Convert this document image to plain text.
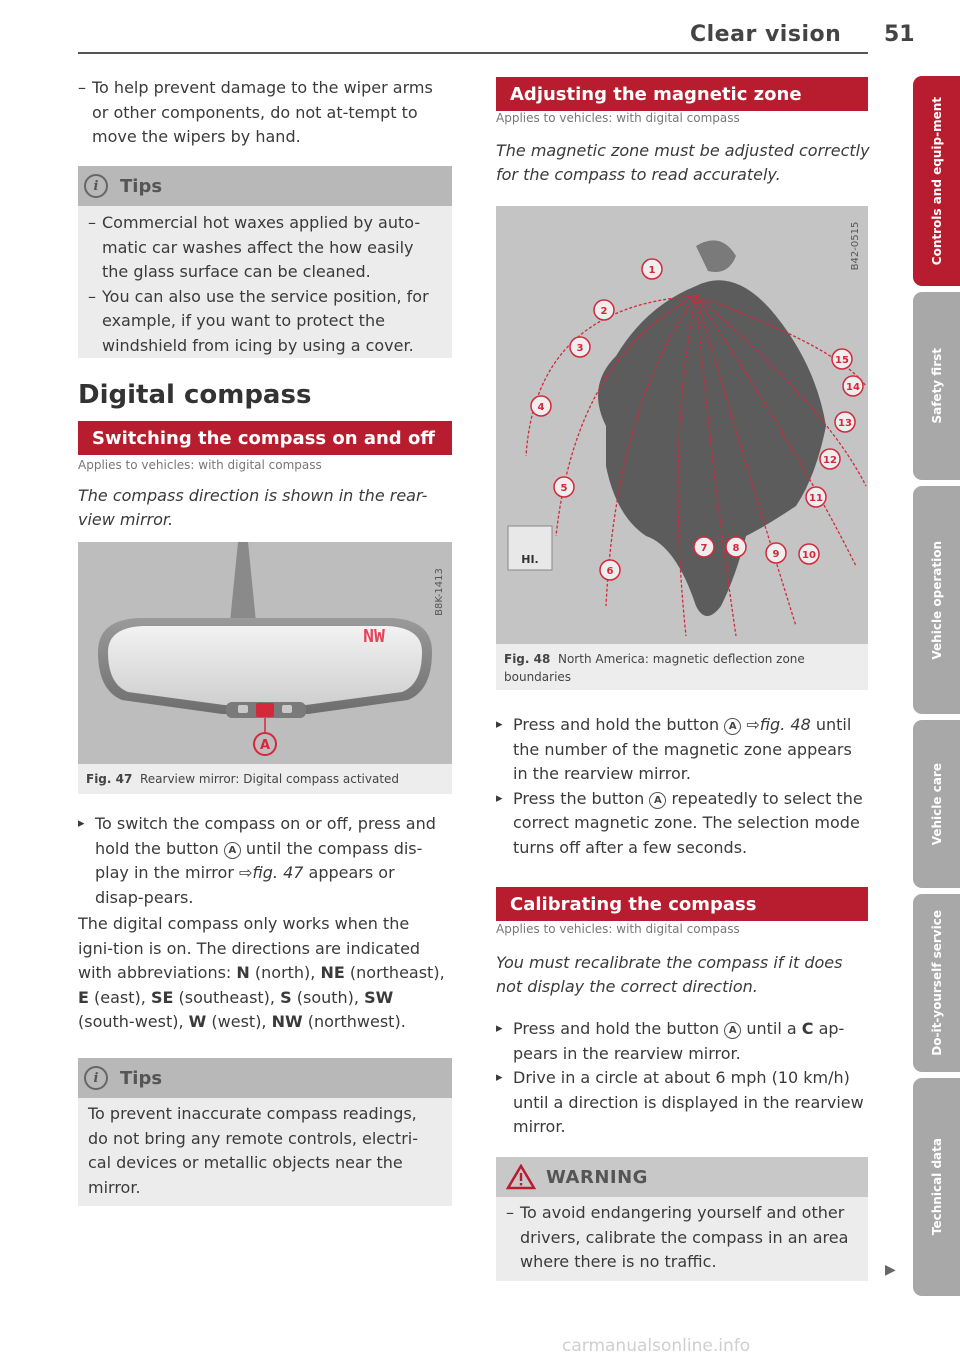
Clear vision 51

– To help prevent damage to the wiper arms or other components, do not at-tempt to move the wipers by hand.

i	Tips

– Commercial hot waxes applied by auto-matic car washes affect the how easily the glass surface can be cleaned.

– You can also use the service position, for example, if you want to protect the windshield from icing by using a cover.

Digital compass
Switching the compass on and off
Applies to vehicles: with digital compass
The compass direction is shown in the rear-view mirror.
A
NW
B8K-1413
Fig. 47 Rearview mirror: Digital compass activated

▸ To switch the compass on or off, press and hold the button A until the compass dis-play in the mirror ⇨fig. 47 appears or disap-pears.

The digital compass only works when the igni-tion is on. The directions are indicated with abbreviations: N (north), NE (northeast), E (east), SE (southeast), S (south), SW (south-west), W (west), NW (northwest).

i	Tips
To prevent inaccurate compass readings, do not bring any remote controls, electri-cal devices or metallic objects near the mirror.
Adjusting the magnetic zone
Applies to vehicles: with digital compass
The magnetic zone must be adjusted correctly for the compass to read accurately.
HI.
B42-0515
1
2
3
4
5
6
7	8
9 10
11
12
13
14
15
Fig. 48 North America: magnetic deflection zone boundaries

▸ Press and hold the button A ⇨fig. 48 until the number of the magnetic zone appears in the rearview mirror.

▸ Press the button A repeatedly to select the correct magnetic zone. The selection mode turns off after a few seconds.

Calibrating the compass
Applies to vehicles: with digital compass
You must recalibrate the compass if it does not display the correct direction.

▸ Press and hold the button A until a C ap-pears in the rearview mirror.

▸ Drive in a circle at about 6 mph (10 km/h) until a direction is displayed in the rearview mirror.

WARNING

– To avoid endangering yourself and other drivers, calibrate the compass in an area where there is no traffic.	▶
Controls and equip-ment
Safety first
Vehicle operation
Vehicle care
Do-it-yourself service
Technical data
carmanualsonline.info
